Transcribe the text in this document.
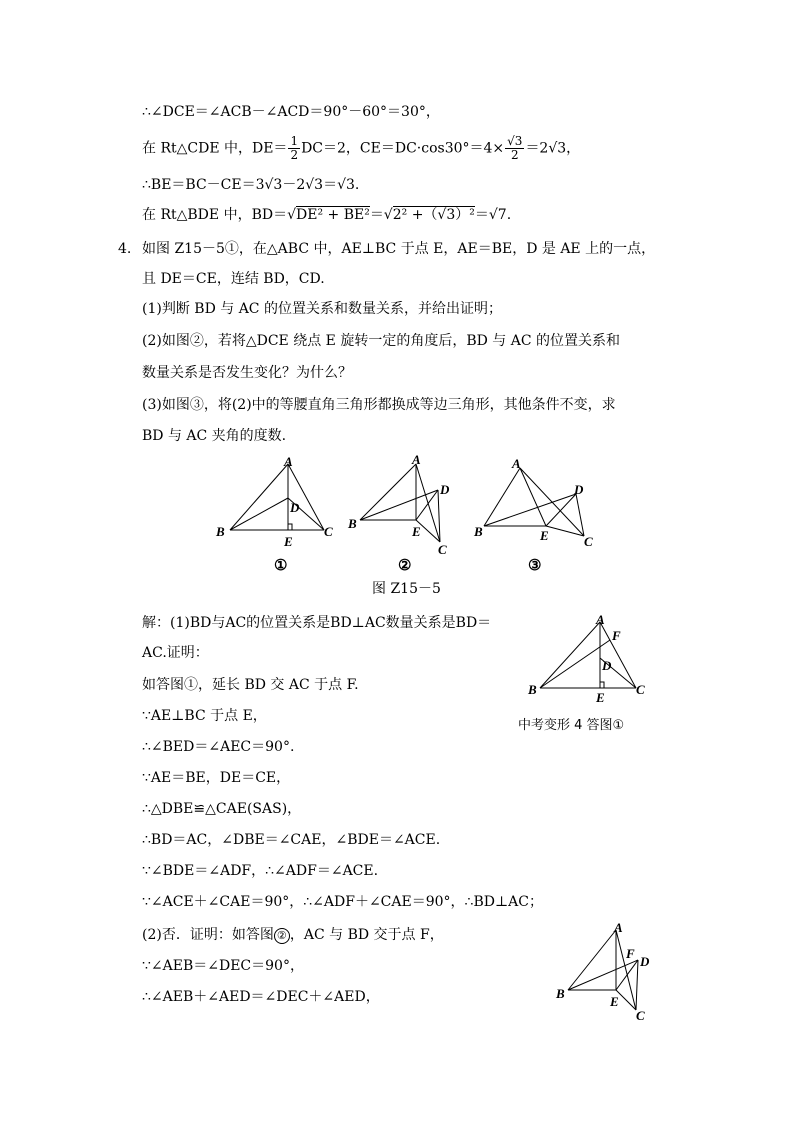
∴∠DCE＝∠ACB－∠ACD＝90°－60°＝30°，
在 Rt△CDE 中，$DE= \frac{1}{2} DC=2$，$CE=DC\cdot\cos 30^\circ=4\times \frac{√3}{2} =2√3$，
∴BE＝BC－CE＝3√3－2√3＝√3.
在 Rt△BDE 中，BD＝√DE² + BE²＝√2² +（√3）²＝√7.
4. 如图 Z15－5①，在△ABC 中，AE⊥BC 于点 E，AE＝BE，D 是 AE 上的一点，
且 DE＝CE，连结 BD，CD.
(1)判断 BD 与 AC 的位置关系和数量关系，并给出证明；
(2)如图②，若将△DCE 绕点 E 旋转一定的角度后，BD 与 AC 的位置关系和
数量关系是否发生变化？为什么？
(3)如图③，将(2)中的等腰直角三角形都换成等边三角形，其他条件不变，求
BD 与 AC 夹角的度数.
A
B	C
D
E
①
A
B
D
E
C
②
A
B
D
E	C
③
图 Z15－5
解：(1)BD与AC的位置关系是BD⊥AC数量关系是BD＝
AC.证明：
如答图①，延长 BD 交 AC 于点 F.
∵AE⊥BC 于点 E，
∴∠BED＝∠AEC＝90°.
∵AE＝BE，DE＝CE，
∴△DBE≌△CAE(SAS)，
∴BD＝AC，∠DBE＝∠CAE，∠BDE＝∠ACE.
∵∠BDE＝∠ADF，∴∠ADF＝∠ACE.
∵∠ACE＋∠CAE＝90°，∴∠ADF＋∠CAE＝90°，∴BD⊥AC；
(2)否．证明：如答图 ② ，AC 与 BD 交于点 F，
∵∠AEB＝∠DEC＝90°，
∴∠AEB＋∠AED＝∠DEC＋∠AED，
A
F
D
B	C
E
中考变形 4 答图①
A
F
D
B
E
C
